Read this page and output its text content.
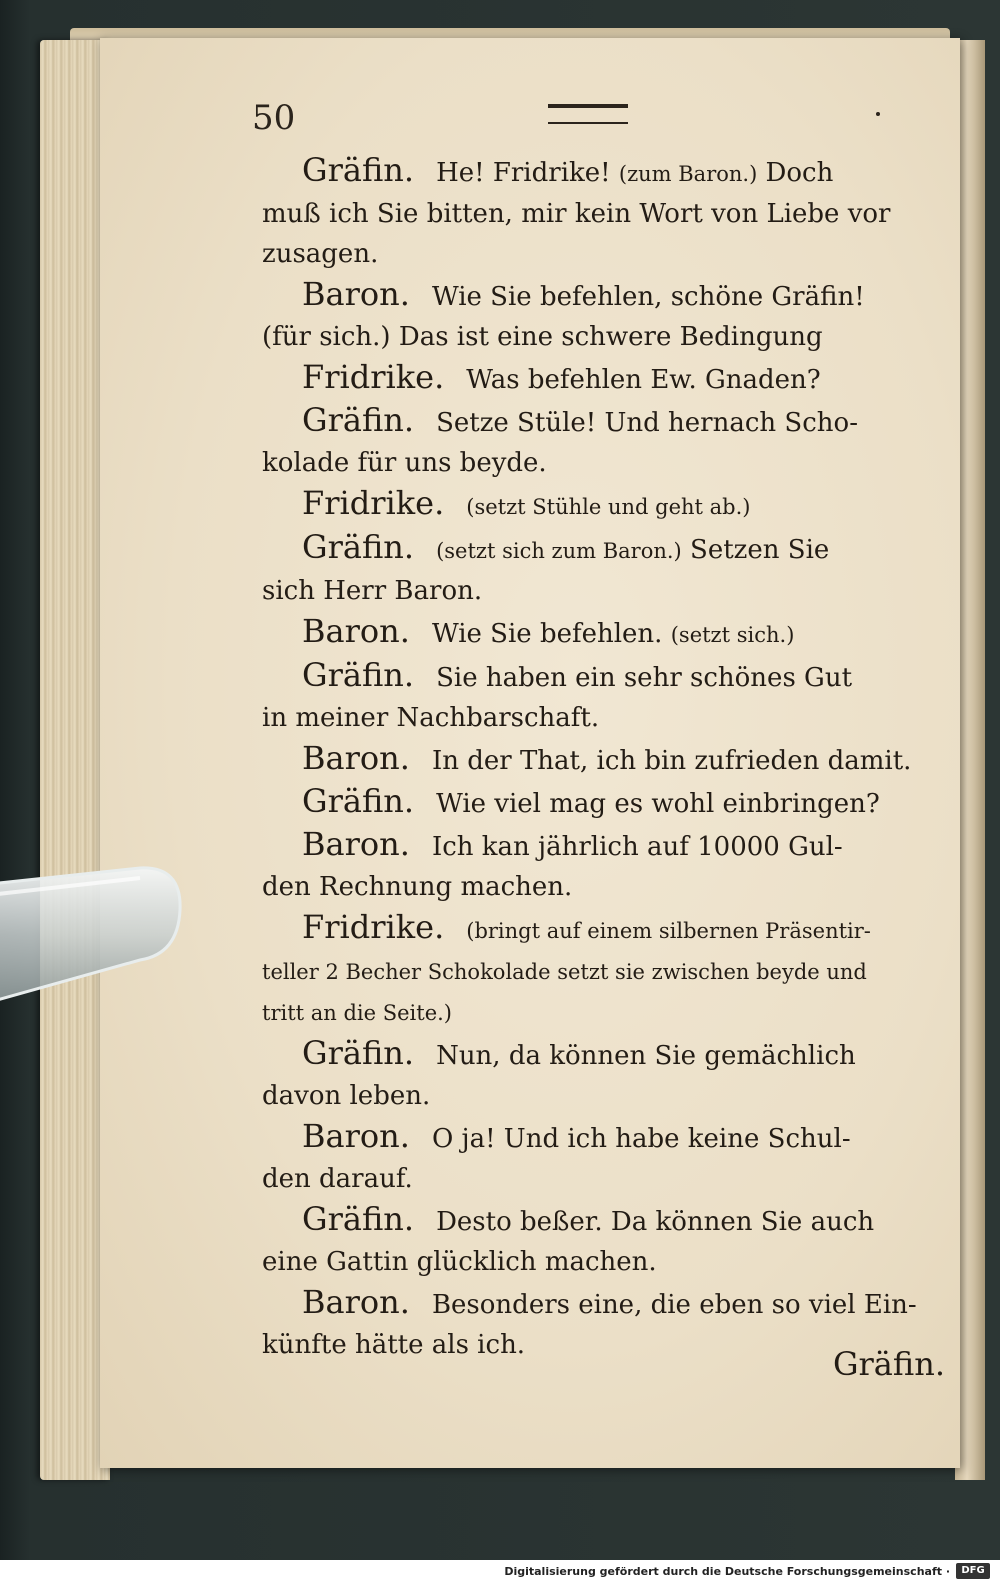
50
Gräfin. He! Fridrike! (zum Baron.) Doch
muß ich Sie bitten, mir kein Wort von Liebe vor
zusagen.
Baron. Wie Sie befehlen, schöne Gräfin!
(für sich.) Das ist eine schwere Bedingung
Fridrike. Was befehlen Ew. Gnaden?
Gräfin. Setze Stüle! Und hernach Scho-
kolade für uns beyde.
Fridrike. (setzt Stühle und geht ab.)
Gräfin. (setzt sich zum Baron.) Setzen Sie
sich Herr Baron.
Baron. Wie Sie befehlen. (setzt sich.)
Gräfin. Sie haben ein sehr schönes Gut
in meiner Nachbarschaft.
Baron. In der That, ich bin zufrieden damit.
Gräfin. Wie viel mag es wohl einbringen?
Baron. Ich kan jährlich auf 10000 Gul-
den Rechnung machen.
Fridrike. (bringt auf einem silbernen Präsentir-
teller 2 Becher Schokolade setzt sie zwischen beyde und
tritt an die Seite.)
Gräfin. Nun, da können Sie gemächlich
davon leben.
Baron. O ja! Und ich habe keine Schul-
den darauf.
Gräfin. Desto beßer. Da können Sie auch
eine Gattin glücklich machen.
Baron. Besonders eine, die eben so viel Ein-
künfte hätte als ich.	Gräfin.
Digitalisierung gefördert durch die Deutsche Forschungsgemeinschaft ·	DFG
